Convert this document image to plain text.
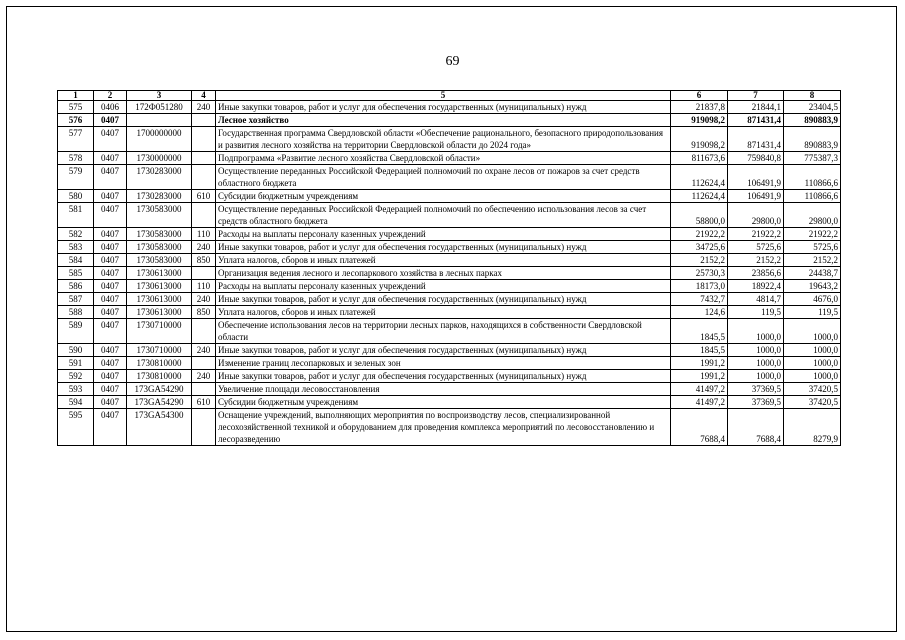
69
1	2	3	4	5	6	7	8
575	0406	172Ф051280	240	Иные закупки товаров, работ и услуг для обеспечения государственных (муниципальных) нужд	21837,8	21844,1	23404,5
576	0407			Лесное хозяйство	919098,2	871431,4	890883,9
577	0407	1700000000		Государственная программа Свердловской области «Обеспечение рационального, безопасного природопользования и развития лесного хозяйства на территории Свердловской области до 2024 года»	919098,2	871431,4	890883,9
578	0407	1730000000		Подпрограмма «Развитие лесного хозяйства Свердловской области»	811673,6	759840,8	775387,3
579	0407	1730283000		Осуществление переданных Российской Федерацией полномочий по охране лесов от пожаров за счет средств областного бюджета	112624,4	106491,9	110866,6
580	0407	1730283000	610	Субсидии бюджетным учреждениям	112624,4	106491,9	110866,6
581	0407	1730583000		Осуществление переданных Российской Федерацией полномочий по обеспечению использования лесов за счет средств областного бюджета	58800,0	29800,0	29800,0
582	0407	1730583000	110	Расходы на выплаты персоналу казенных учреждений	21922,2	21922,2	21922,2
583	0407	1730583000	240	Иные закупки товаров, работ и услуг для обеспечения государственных (муниципальных) нужд	34725,6	5725,6	5725,6
584	0407	1730583000	850	Уплата налогов, сборов и иных платежей	2152,2	2152,2	2152,2
585	0407	1730613000		Организация ведения лесного и лесопаркового хозяйства в лесных парках	25730,3	23856,6	24438,7
586	0407	1730613000	110	Расходы на выплаты персоналу казенных учреждений	18173,0	18922,4	19643,2
587	0407	1730613000	240	Иные закупки товаров, работ и услуг для обеспечения государственных (муниципальных) нужд	7432,7	4814,7	4676,0
588	0407	1730613000	850	Уплата налогов, сборов и иных платежей	124,6	119,5	119,5
589	0407	1730710000		Обеспечение использования лесов на территории лесных парков, находящихся в собственности Свердловской области	1845,5	1000,0	1000,0
590	0407	1730710000	240	Иные закупки товаров, работ и услуг для обеспечения государственных (муниципальных) нужд	1845,5	1000,0	1000,0
591	0407	1730810000		Изменение границ лесопарковых и зеленых зон	1991,2	1000,0	1000,0
592	0407	1730810000	240	Иные закупки товаров, работ и услуг для обеспечения государственных (муниципальных) нужд	1991,2	1000,0	1000,0
593	0407	173GA54290		Увеличение площади лесовосстановления	41497,2	37369,5	37420,5
594	0407	173GA54290	610	Субсидии бюджетным учреждениям	41497,2	37369,5	37420,5
595	0407	173GA54300		Оснащение учреждений, выполняющих мероприятия по воспроизводству лесов, специализированной лесохозяйственной техникой и оборудованием для проведения комплекса мероприятий по лесовосстановлению и лесоразведению	7688,4	7688,4	8279,9
